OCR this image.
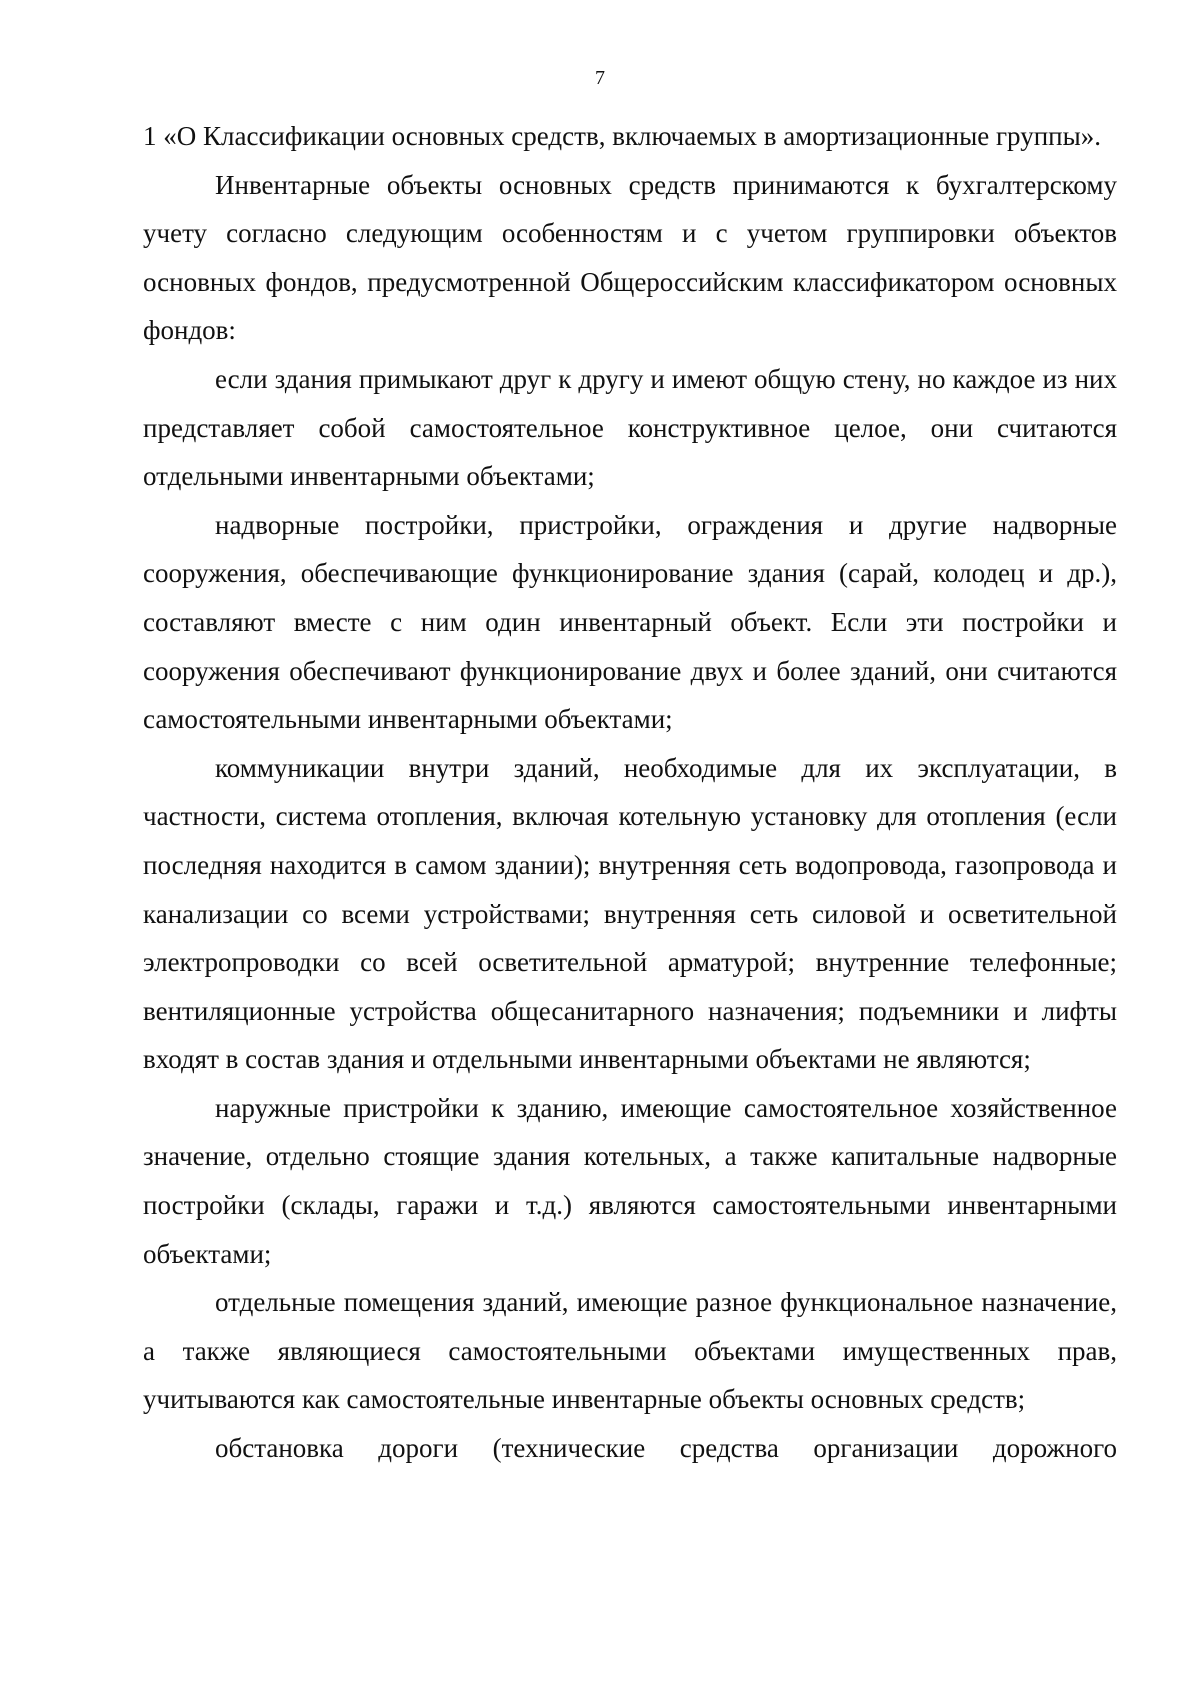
7

1 «О Классификации основных средств, включаемых в амортизационные группы».

Инвентарные объекты основных средств принимаются к бухгалтерскому учету согласно следующим особенностям и с учетом группировки объектов основных фондов, предусмотренной Общероссийским классификатором основных фондов:

если здания примыкают друг к другу и имеют общую стену, но каждое из них представляет собой самостоятельное конструктивное целое, они считаются отдельными инвентарными объектами;

надворные постройки, пристройки, ограждения и другие надворные сооружения, обеспечивающие функционирование здания (сарай, колодец и др.), составляют вместе с ним один инвентарный объект. Если эти постройки и сооружения обеспечивают функционирование двух и более зданий, они считаются самостоятельными инвентарными объектами;

коммуникации внутри зданий, необходимые для их эксплуатации, в частности, система отопления, включая котельную установку для отопления (если последняя находится в самом здании); внутренняя сеть водопровода, газопровода и канализации со всеми устройствами; внутренняя сеть силовой и осветительной электропроводки со всей осветительной арматурой; внутренние телефонные; вентиляционные устройства общесанитарного назначения; подъемники и лифты входят в состав здания и отдельными инвентарными объектами не являются;

наружные пристройки к зданию, имеющие самостоятельное хозяйственное значение, отдельно стоящие здания котельных, а также капитальные надворные постройки (склады, гаражи и т.д.) являются самостоятельными инвентарными объектами;

отдельные помещения зданий, имеющие разное функциональное назначение, а также являющиеся самостоятельными объектами имущественных прав, учитываются как самостоятельные инвентарные объекты основных средств;

обстановка дороги (технические средства организации дорожного
